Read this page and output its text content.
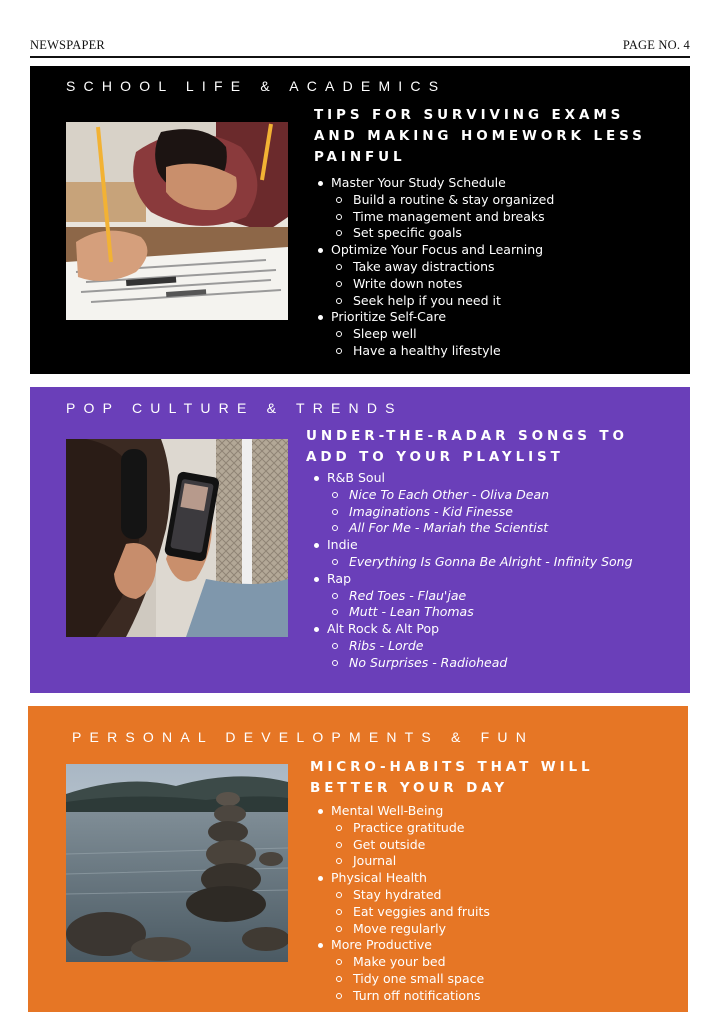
NEWSPAPER	PAGE NO. 4
SCHOOL LIFE & ACADEMICS
TIPS FOR SURVIVING EXAMS AND MAKING HOMEWORK LESS PAINFUL
Master Your Study Schedule
Build a routine & stay organized
Time management and breaks
Set specific goals
Optimize Your Focus and Learning
Take away distractions
Write down notes
Seek help if you need it
Prioritize Self-Care
Sleep well
Have a healthy lifestyle
POP CULTURE & TRENDS
UNDER-THE-RADAR SONGS TO ADD TO YOUR PLAYLIST
R&B Soul
Nice To Each Other - Oliva Dean
Imaginations - Kid Finesse
All For Me - Mariah the Scientist
Indie
Everything Is Gonna Be Alright - Infinity Song
Rap
Red Toes - Flau'jae
Mutt - Lean Thomas
Alt Rock & Alt Pop
Ribs - Lorde
No Surprises - Radiohead
PERSONAL DEVELOPMENTS & FUN
MICRO-HABITS THAT WILL BETTER YOUR DAY
Mental Well-Being
Practice gratitude
Get outside
Journal
Physical Health
Stay hydrated
Eat veggies and fruits
Move regularly
More Productive
Make your bed
Tidy one small space
Turn off notifications
